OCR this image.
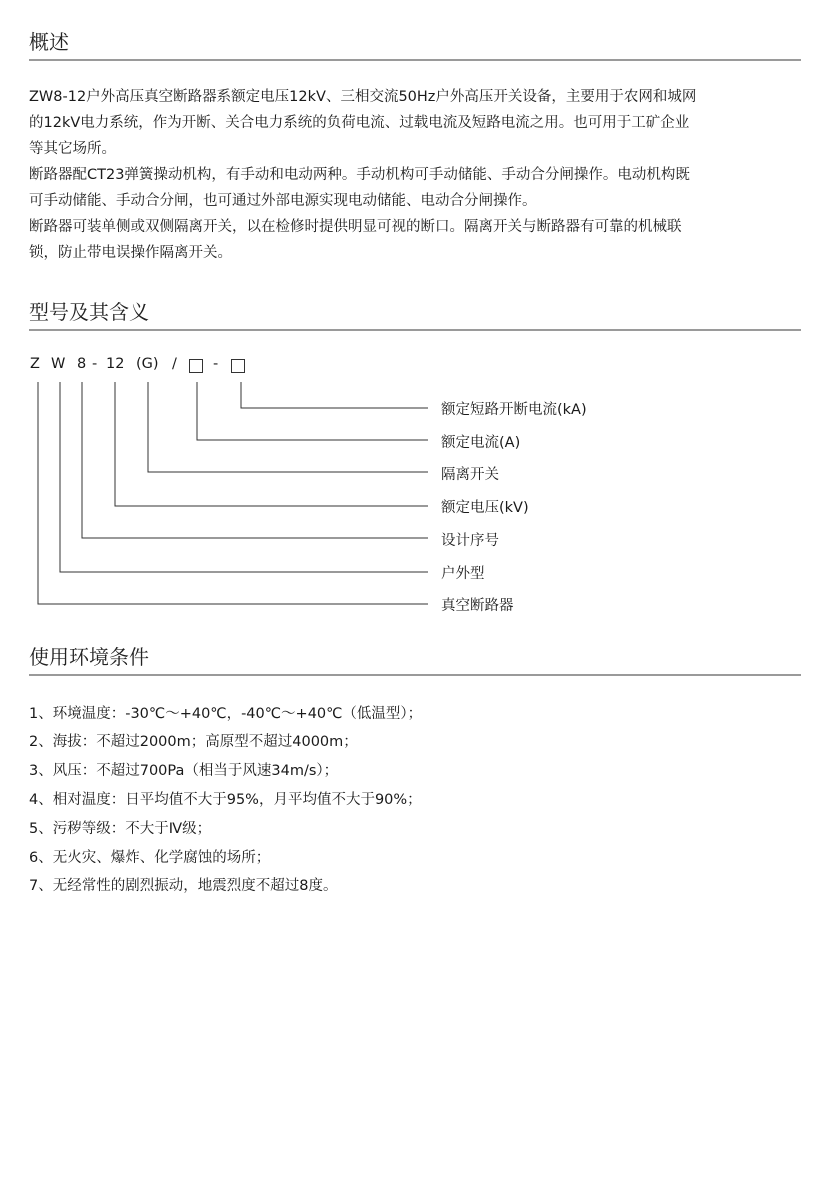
概述

ZW8-12户外高压真空断路器系额定电压12kV、三相交流50Hz户外高压开关设备，主要用于农网和城网

的12kV电力系统，作为开断、关合电力系统的负荷电流、过载电流及短路电流之用。也可用于工矿企业

等其它场所。

断路器配CT23弹簧操动机构，有手动和电动两种。手动机构可手动储能、手动合分闸操作。电动机构既

可手动储能、手动合分闸，也可通过外部电源实现电动储能、电动合分闸操作。

断路器可装单侧或双侧隔离开关，以在检修时提供明显可视的断口。隔离开关与断路器有可靠的机械联

锁，防止带电误操作隔离开关。

型号及其含义
Z W 8 - 12 (G) / -
额定短路开断电流(kA)
额定电流(A)
隔离开关
额定电压(kV)
设计序号
户外型
真空断路器
使用环境条件
1、环境温度：-30℃～+40℃，-40℃～+40℃（低温型）；
2、海拔：不超过2000m；高原型不超过4000m；
3、风压：不超过700Pa（相当于风速34m/s）；
4、相对温度：日平均值不大于95%，月平均值不大于90%；
5、污秽等级：不大于Ⅳ级；
6、无火灾、爆炸、化学腐蚀的场所；
7、无经常性的剧烈振动，地震烈度不超过8度。
